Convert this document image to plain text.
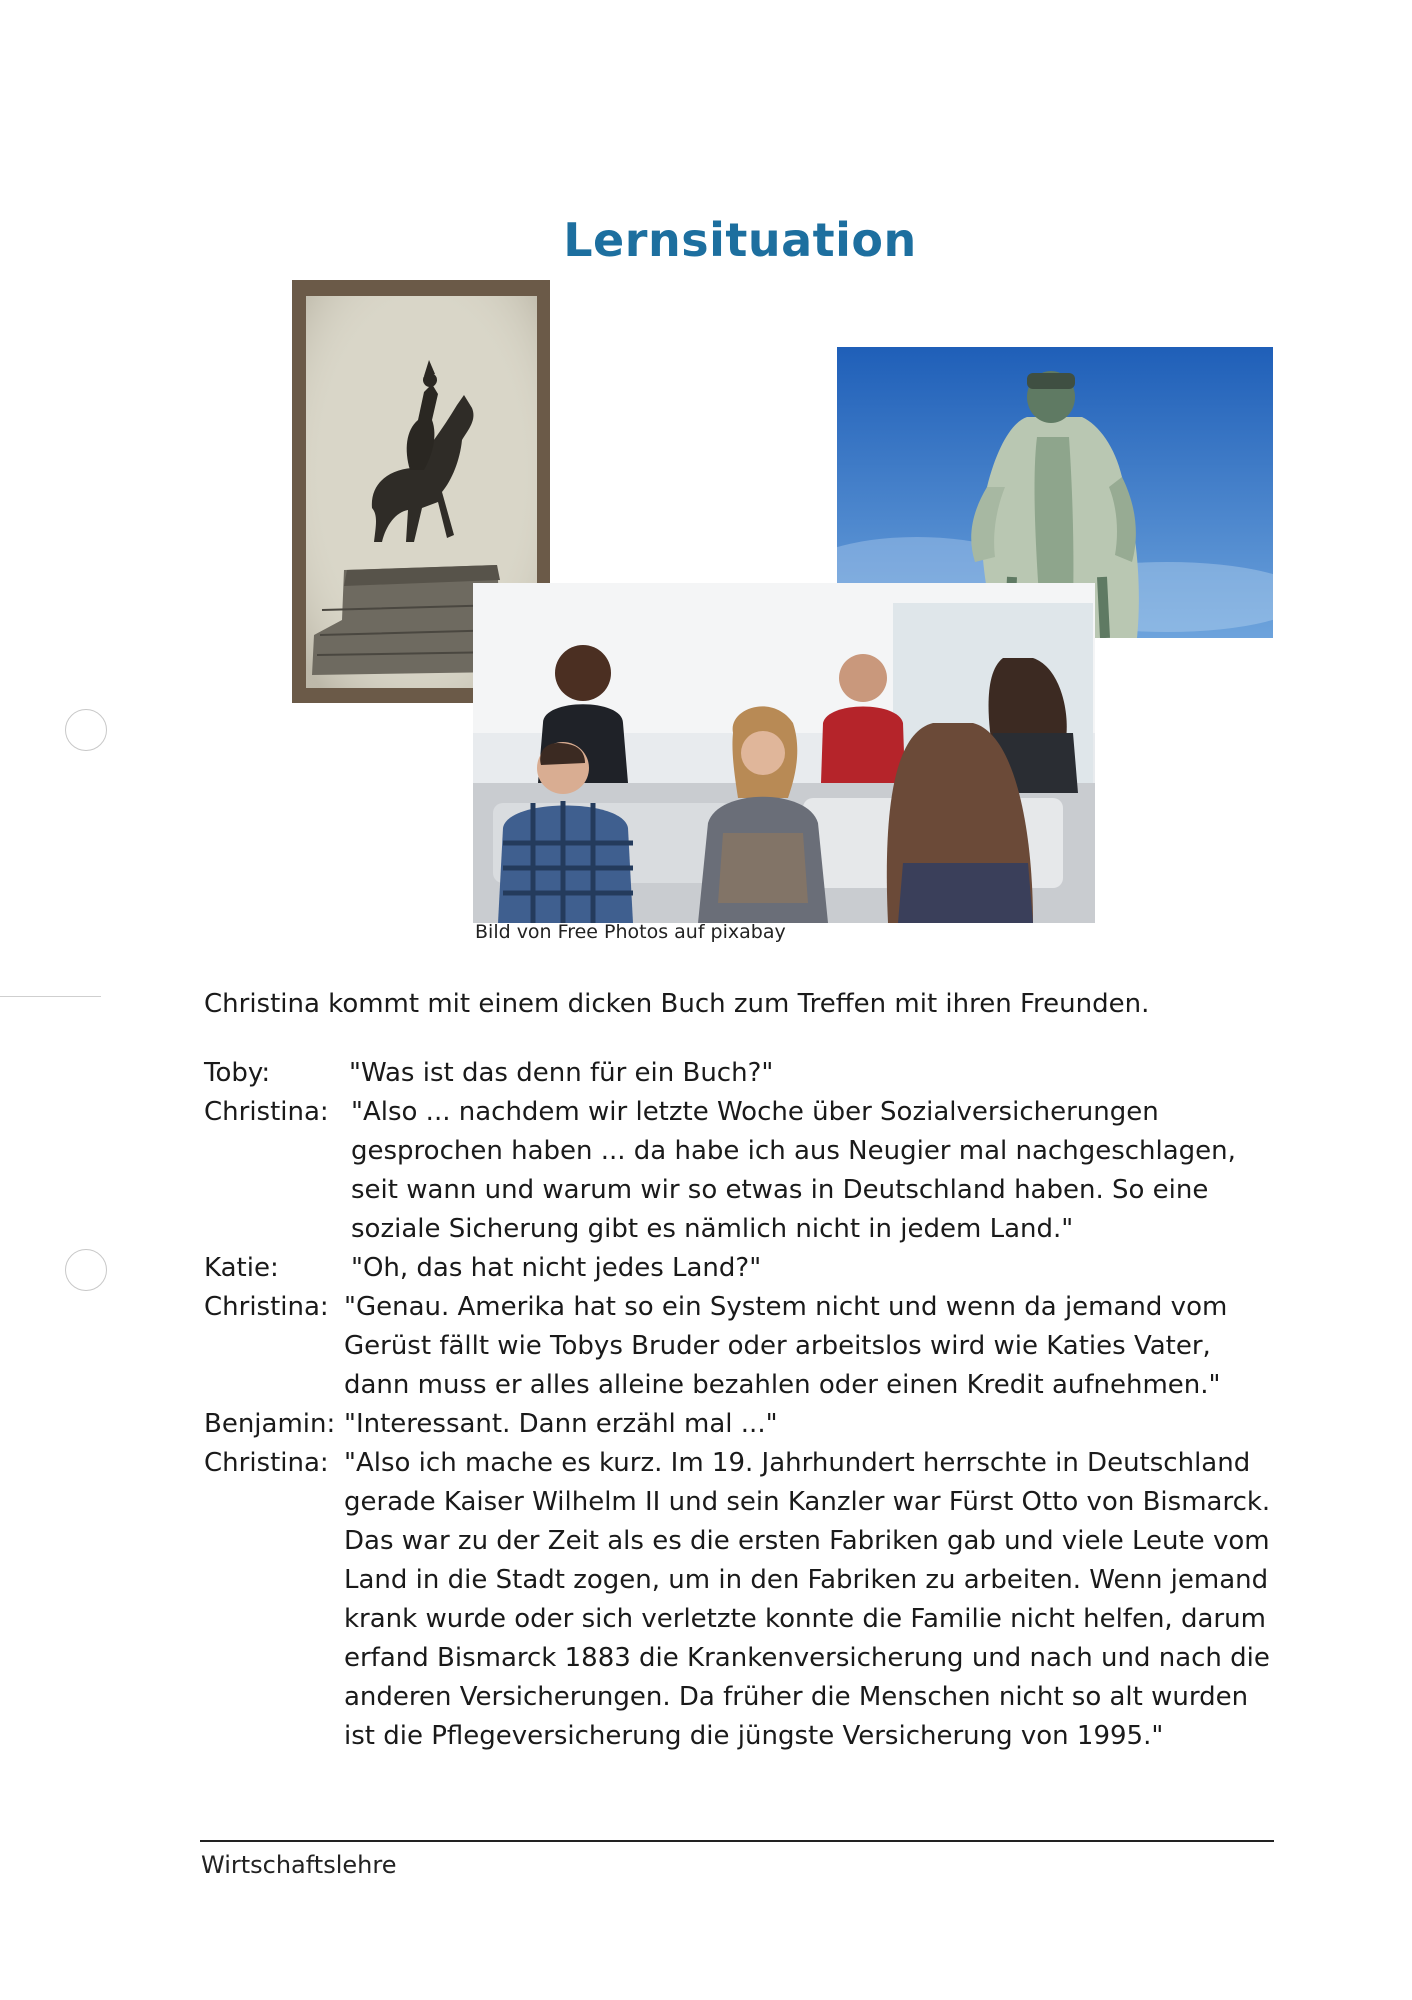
Lernsituation
Bild von Free Photos auf pixabay
Christina kommt mit einem dicken Buch zum Treffen mit ihren Freunden.
Toby:	"Was ist das denn für ein Buch?"
Christina: "Also ... nachdem wir letzte Woche über Sozialversicherungen gesprochen haben ... da habe ich aus Neugier mal nachgeschlagen, seit wann und warum wir so etwas in Deutschland haben. So eine soziale Sicherung gibt es nämlich nicht in jedem Land."
Katie:	"Oh, das hat nicht jedes Land?"
Christina: "Genau. Amerika hat so ein System nicht und wenn da jemand vom Gerüst fällt wie Tobys Bruder oder arbeitslos wird wie Katies Vater, dann muss er alles alleine bezahlen oder einen Kredit aufnehmen."
Benjamin: "Interessant. Dann erzähl mal ..."
Christina: "Also ich mache es kurz. Im 19. Jahrhundert herrschte in Deutschland gerade Kaiser Wilhelm II und sein Kanzler war Fürst Otto von Bismarck. Das war zu der Zeit als es die ersten Fabriken gab und viele Leute vom Land in die Stadt zogen, um in den Fabriken zu arbeiten. Wenn jemand krank wurde oder sich verletzte konnte die Familie nicht helfen, darum erfand Bismarck 1883 die Krankenversicherung und nach und nach die anderen Versicherungen. Da früher die Menschen nicht so alt wurden ist die Pflegeversicherung die jüngste Versicherung von 1995."
Wirtschaftslehre
